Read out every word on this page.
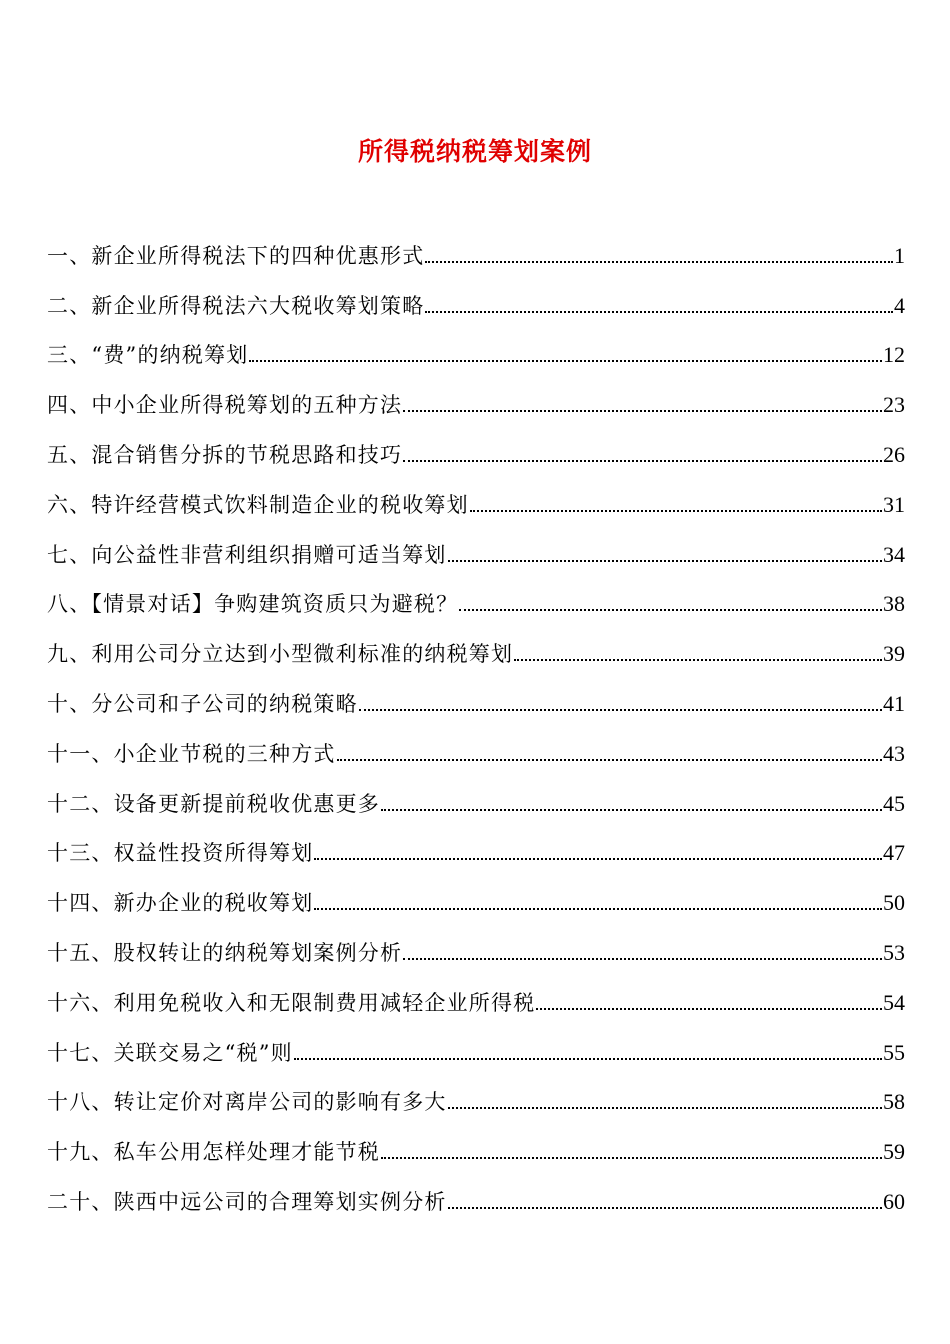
所得税纳税筹划案例
一、新企业所得税法下的四种优惠形式	1
二、新企业所得税法六大税收筹划策略	4
三、“费”的纳税筹划	12
四、中小企业所得税筹划的五种方法	23
五、混合销售分拆的节税思路和技巧	26
六、特许经营模式饮料制造企业的税收筹划	31
七、向公益性非营利组织捐赠可适当筹划	34
八、【情景对话】争购建筑资质只为避税？	38
九、利用公司分立达到小型微利标准的纳税筹划	39
十、分公司和子公司的纳税策略	41
十一、小企业节税的三种方式	43
十二、设备更新提前税收优惠更多	45
十三、权益性投资所得筹划	47
十四、新办企业的税收筹划	50
十五、股权转让的纳税筹划案例分析	53
十六、利用免税收入和无限制费用减轻企业所得税	54
十七、关联交易之“税”则	55
十八、转让定价对离岸公司的影响有多大	58
十九、私车公用怎样处理才能节税	59
二十、陕西中远公司的合理筹划实例分析	60
